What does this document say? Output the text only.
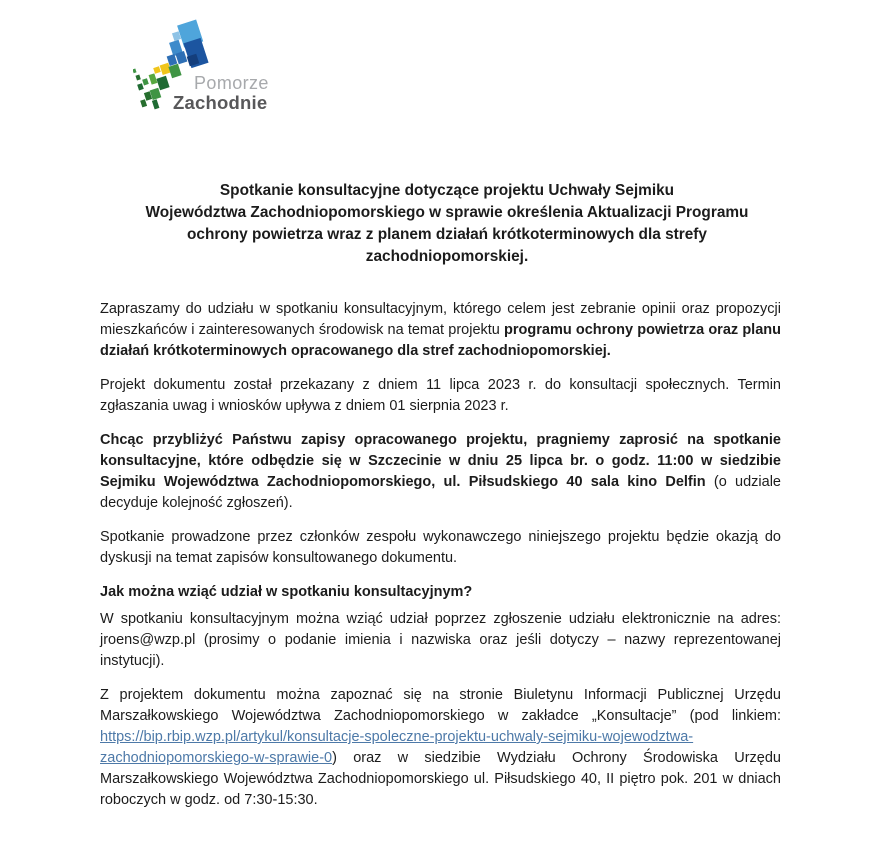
Pomorze
Zachodnie
Spotkanie konsultacyjne dotyczące projektu Uchwały Sejmiku
Województwa Zachodniopomorskiego w sprawie określenia Aktualizacji Programu
ochrony powietrza wraz z planem działań krótkoterminowych dla strefy
zachodniopomorskiej.

Zapraszamy do udziału w spotkaniu konsultacyjnym, którego celem jest zebranie opinii oraz propozycji mieszkańców i zainteresowanych środowisk na temat projektu programu ochrony powietrza oraz planu działań krótkoterminowych opracowanego dla stref zachodniopomorskiej.

Projekt dokumentu został przekazany z dniem 11 lipca 2023 r. do konsultacji społecznych. Termin zgłaszania uwag i wniosków upływa z dniem 01 sierpnia 2023 r.

Chcąc przybliżyć Państwu zapisy opracowanego projektu, pragniemy zaprosić na spotkanie konsultacyjne, które odbędzie się w Szczecinie w dniu 25 lipca br. o godz. 11:00 w siedzibie Sejmiku Województwa Zachodniopomorskiego, ul. Piłsudskiego 40 sala kino Delfin (o udziale decyduje kolejność zgłoszeń).

Spotkanie prowadzone przez członków zespołu wykonawczego niniejszego projektu będzie okazją do dyskusji na temat zapisów konsultowanego dokumentu.

Jak można wziąć udział w spotkaniu konsultacyjnym?

W spotkaniu konsultacyjnym można wziąć udział poprzez zgłoszenie udziału elektronicznie na adres: jroens@wzp.pl (prosimy o podanie imienia i nazwiska oraz jeśli dotyczy – nazwy reprezentowanej instytucji).

Z projektem dokumentu można zapoznać się na stronie Biuletynu Informacji Publicznej Urzędu Marszałkowskiego Województwa Zachodniopomorskiego w zakładce „Konsultacje” (pod linkiem: https://bip.rbip.wzp.pl/artykul/konsultacje-spoleczne-projektu-uchwaly-sejmiku-wojewodztwa-zachodniopomorskiego-w-sprawie-0) oraz w siedzibie Wydziału Ochrony Środowiska Urzędu Marszałkowskiego Województwa Zachodniopomorskiego ul. Piłsudskiego 40, II piętro pok. 201 w dniach roboczych w godz. od 7:30-15:30.
